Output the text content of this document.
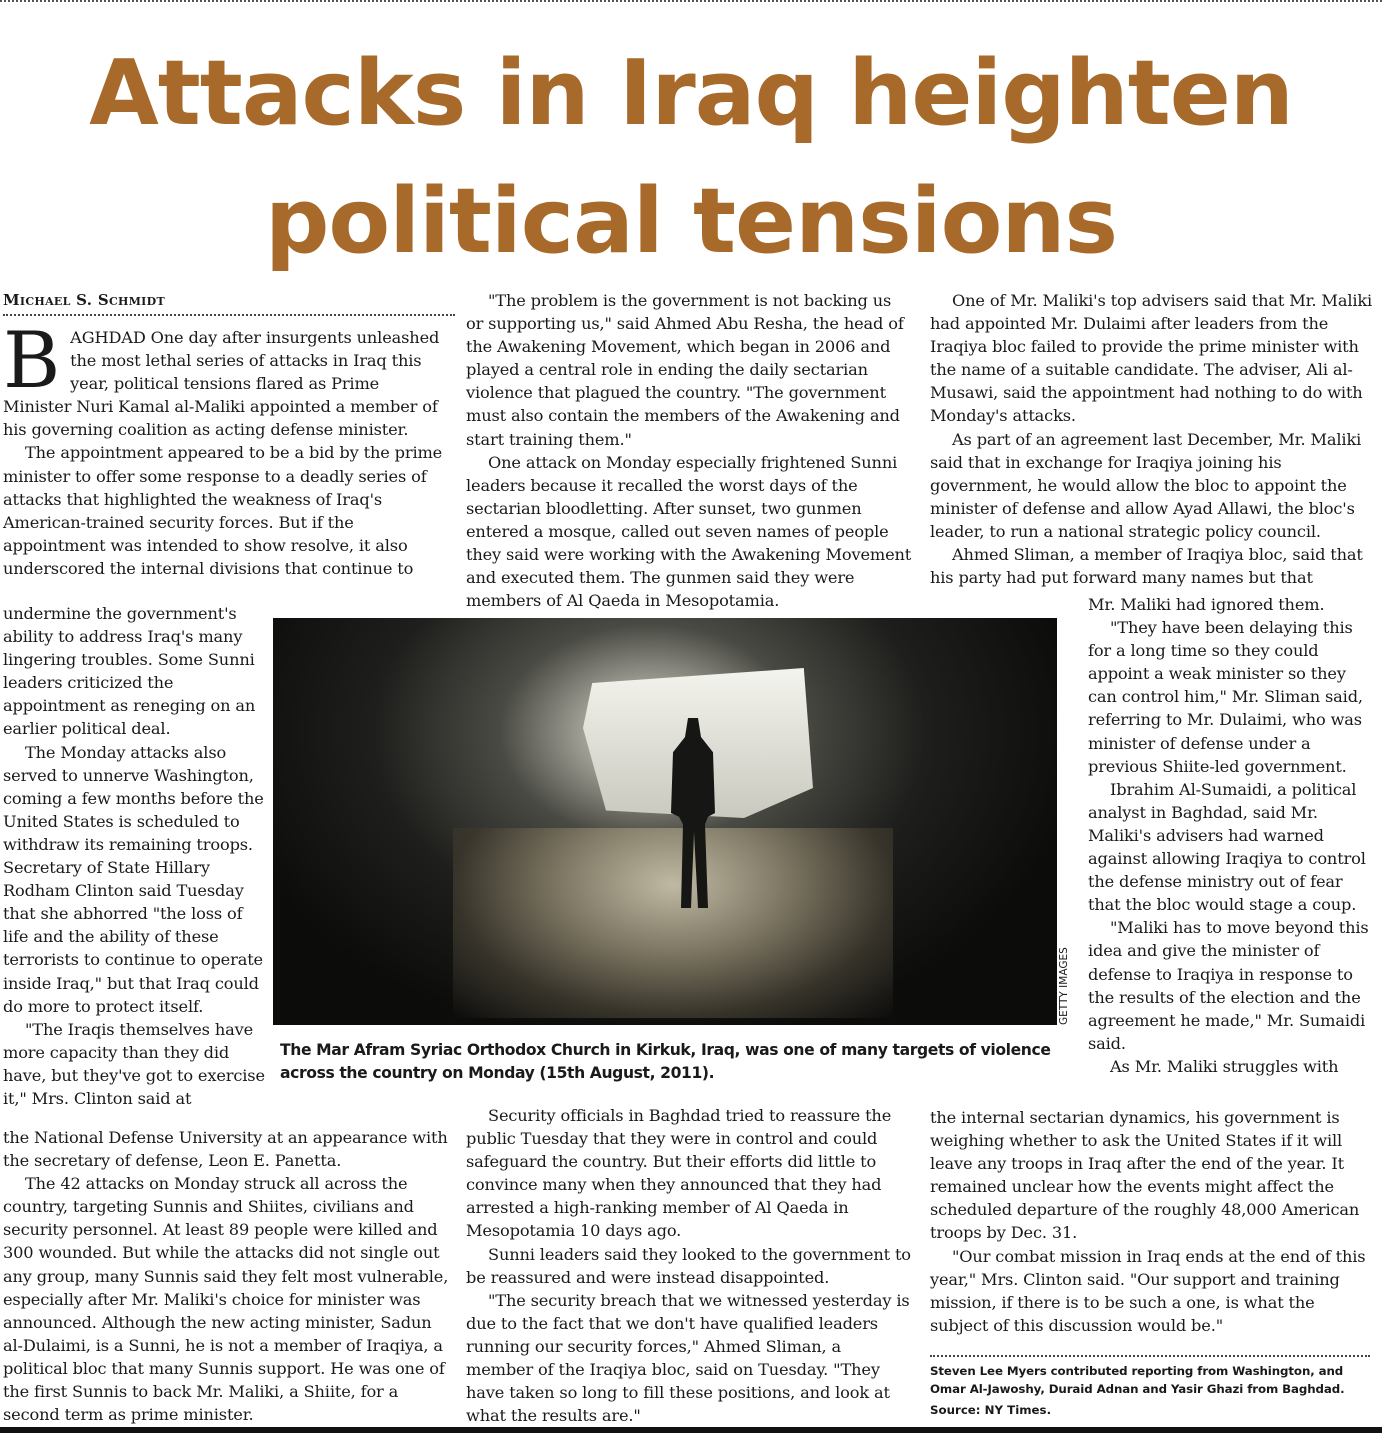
Attacks in Iraq heighten
political tensions
Michael S. Schmidt

BAGHDAD One day after insurgents unleashed the most lethal series of attacks in Iraq this year, political tensions flared as Prime Minister Nuri Kamal al-Maliki appointed a member of his governing coalition as acting defense minister.

The appointment appeared to be a bid by the prime minister to offer some response to a deadly series of attacks that highlighted the weakness of Iraq's American-trained security forces. But if the appointment was intended to show resolve, it also underscored the internal divisions that continue to

undermine the government's ability to address Iraq's many lingering troubles. Some Sunni leaders criticized the appointment as reneging on an earlier political deal.

The Monday attacks also served to unnerve Washington, coming a few months before the United States is scheduled to withdraw its remaining troops. Secretary of State Hillary Rodham Clinton said Tuesday that she abhorred "the loss of life and the ability of these terrorists to continue to operate inside Iraq," but that Iraq could do more to protect itself.

"The Iraqis themselves have more capacity than they did have, but they've got to exercise it," Mrs. Clinton said at

the National Defense University at an appearance with the secretary of defense, Leon E. Panetta.

The 42 attacks on Monday struck all across the country, targeting Sunnis and Shiites, civilians and security personnel. At least 89 people were killed and 300 wounded. But while the attacks did not single out any group, many Sunnis said they felt most vulnerable, especially after Mr. Maliki's choice for minister was announced. Although the new acting minister, Sadun al-Dulaimi, is a Sunni, he is not a member of Iraqiya, a political bloc that many Sunnis support. He was one of the first Sunnis to back Mr. Maliki, a Shiite, for a second term as prime minister.

"The problem is the government is not backing us or supporting us," said Ahmed Abu Resha, the head of the Awakening Movement, which began in 2006 and played a central role in ending the daily sectarian violence that plagued the country. "The government must also contain the members of the Awakening and start training them."

One attack on Monday especially frightened Sunni leaders because it recalled the worst days of the sectarian bloodletting. After sunset, two gunmen entered a mosque, called out seven names of people they said were working with the Awakening Movement and executed them. The gunmen said they were members of Al Qaeda in Mesopotamia.

Security officials in Baghdad tried to reassure the public Tuesday that they were in control and could safeguard the country. But their efforts did little to convince many when they announced that they had arrested a high-ranking member of Al Qaeda in Mesopotamia 10 days ago.

Sunni leaders said they looked to the government to be reassured and were instead disappointed.

"The security breach that we witnessed yesterday is due to the fact that we don't have qualified leaders running our security forces," Ahmed Sliman, a member of the Iraqiya bloc, said on Tuesday. "They have taken so long to fill these positions, and look at what the results are."

One of Mr. Maliki's top advisers said that Mr. Maliki had appointed Mr. Dulaimi after leaders from the Iraqiya bloc failed to provide the prime minister with the name of a suitable candidate. The adviser, Ali al-Musawi, said the appointment had nothing to do with Monday's attacks.

As part of an agreement last December, Mr. Maliki said that in exchange for Iraqiya joining his government, he would allow the bloc to appoint the minister of defense and allow Ayad Allawi, the bloc's leader, to run a national strategic policy council.

Ahmed Sliman, a member of Iraqiya bloc, said that his party had put forward many names but that

Mr. Maliki had ignored them.

"They have been delaying this for a long time so they could appoint a weak minister so they can control him," Mr. Sliman said, referring to Mr. Dulaimi, who was minister of defense under a previous Shiite-led government.

Ibrahim Al-Sumaidi, a political analyst in Baghdad, said Mr. Maliki's advisers had warned against allowing Iraqiya to control the defense ministry out of fear that the bloc would stage a coup.

"Maliki has to move beyond this idea and give the minister of defense to Iraqiya in response to the results of the election and the agreement he made," Mr. Sumaidi said.

As Mr. Maliki struggles with

the internal sectarian dynamics, his government is weighing whether to ask the United States if it will leave any troops in Iraq after the end of the year. It remained unclear how the events might affect the scheduled departure of the roughly 48,000 American troops by Dec. 31.

"Our combat mission in Iraq ends at the end of this year," Mrs. Clinton said. "Our support and training mission, if there is to be such a one, is what the subject of this discussion would be."

GETTY IMAGES
The Mar Afram Syriac Orthodox Church in Kirkuk, Iraq, was one of many targets of violence across the country on Monday (15th August, 2011).
Steven Lee Myers contributed reporting from Washington, and Omar Al-Jawoshy, Duraid Adnan and Yasir Ghazi from Baghdad.
Source: NY Times.
